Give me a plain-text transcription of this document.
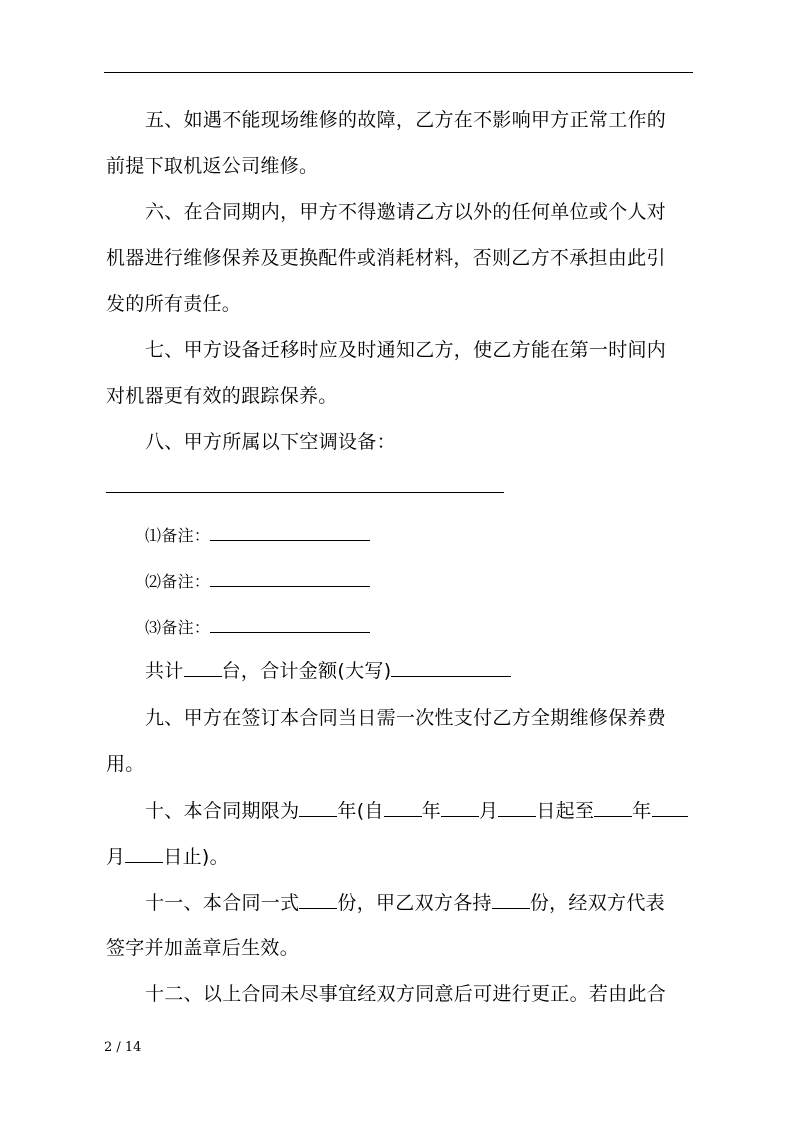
五、如遇不能现场维修的故障，乙方在不影响甲方正常工作的
前提下取机返公司维修。
六、在合同期内，甲方不得邀请乙方以外的任何单位或个人对
机器进行维修保养及更换配件或消耗材料，否则乙方不承担由此引
发的所有责任。
七、甲方设备迁移时应及时通知乙方，使乙方能在第一时间内
对机器更有效的跟踪保养。
八、甲方所属以下空调设备：
⑴备注：
⑵备注：
⑶备注：
共计 台，合计金额(大写)
九、甲方在签订本合同当日需一次性支付乙方全期维修保养费
用。
十、本合同期限为 年(自 年 月 日起至 年
月 日止)。
十一、本合同一式 份，甲乙双方各持 份，经双方代表
签字并加盖章后生效。
十二、以上合同未尽事宜经双方同意后可进行更正。若由此合
2 / 14
